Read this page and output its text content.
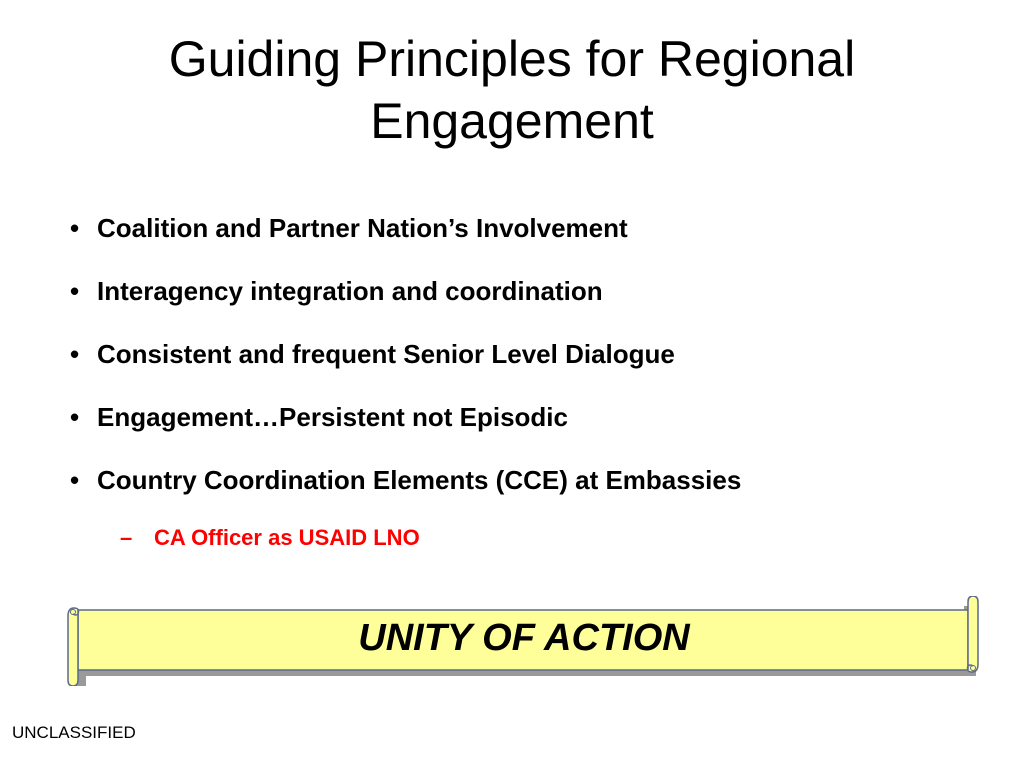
Guiding Principles for Regional Engagement
• Coalition and Partner Nation’s Involvement
• Interagency integration and coordination
• Consistent and frequent Senior Level Dialogue
• Engagement…Persistent not Episodic
• Country Coordination Elements (CCE) at Embassies
– CA Officer as USAID LNO
UNITY OF ACTION
UNCLASSIFIED
